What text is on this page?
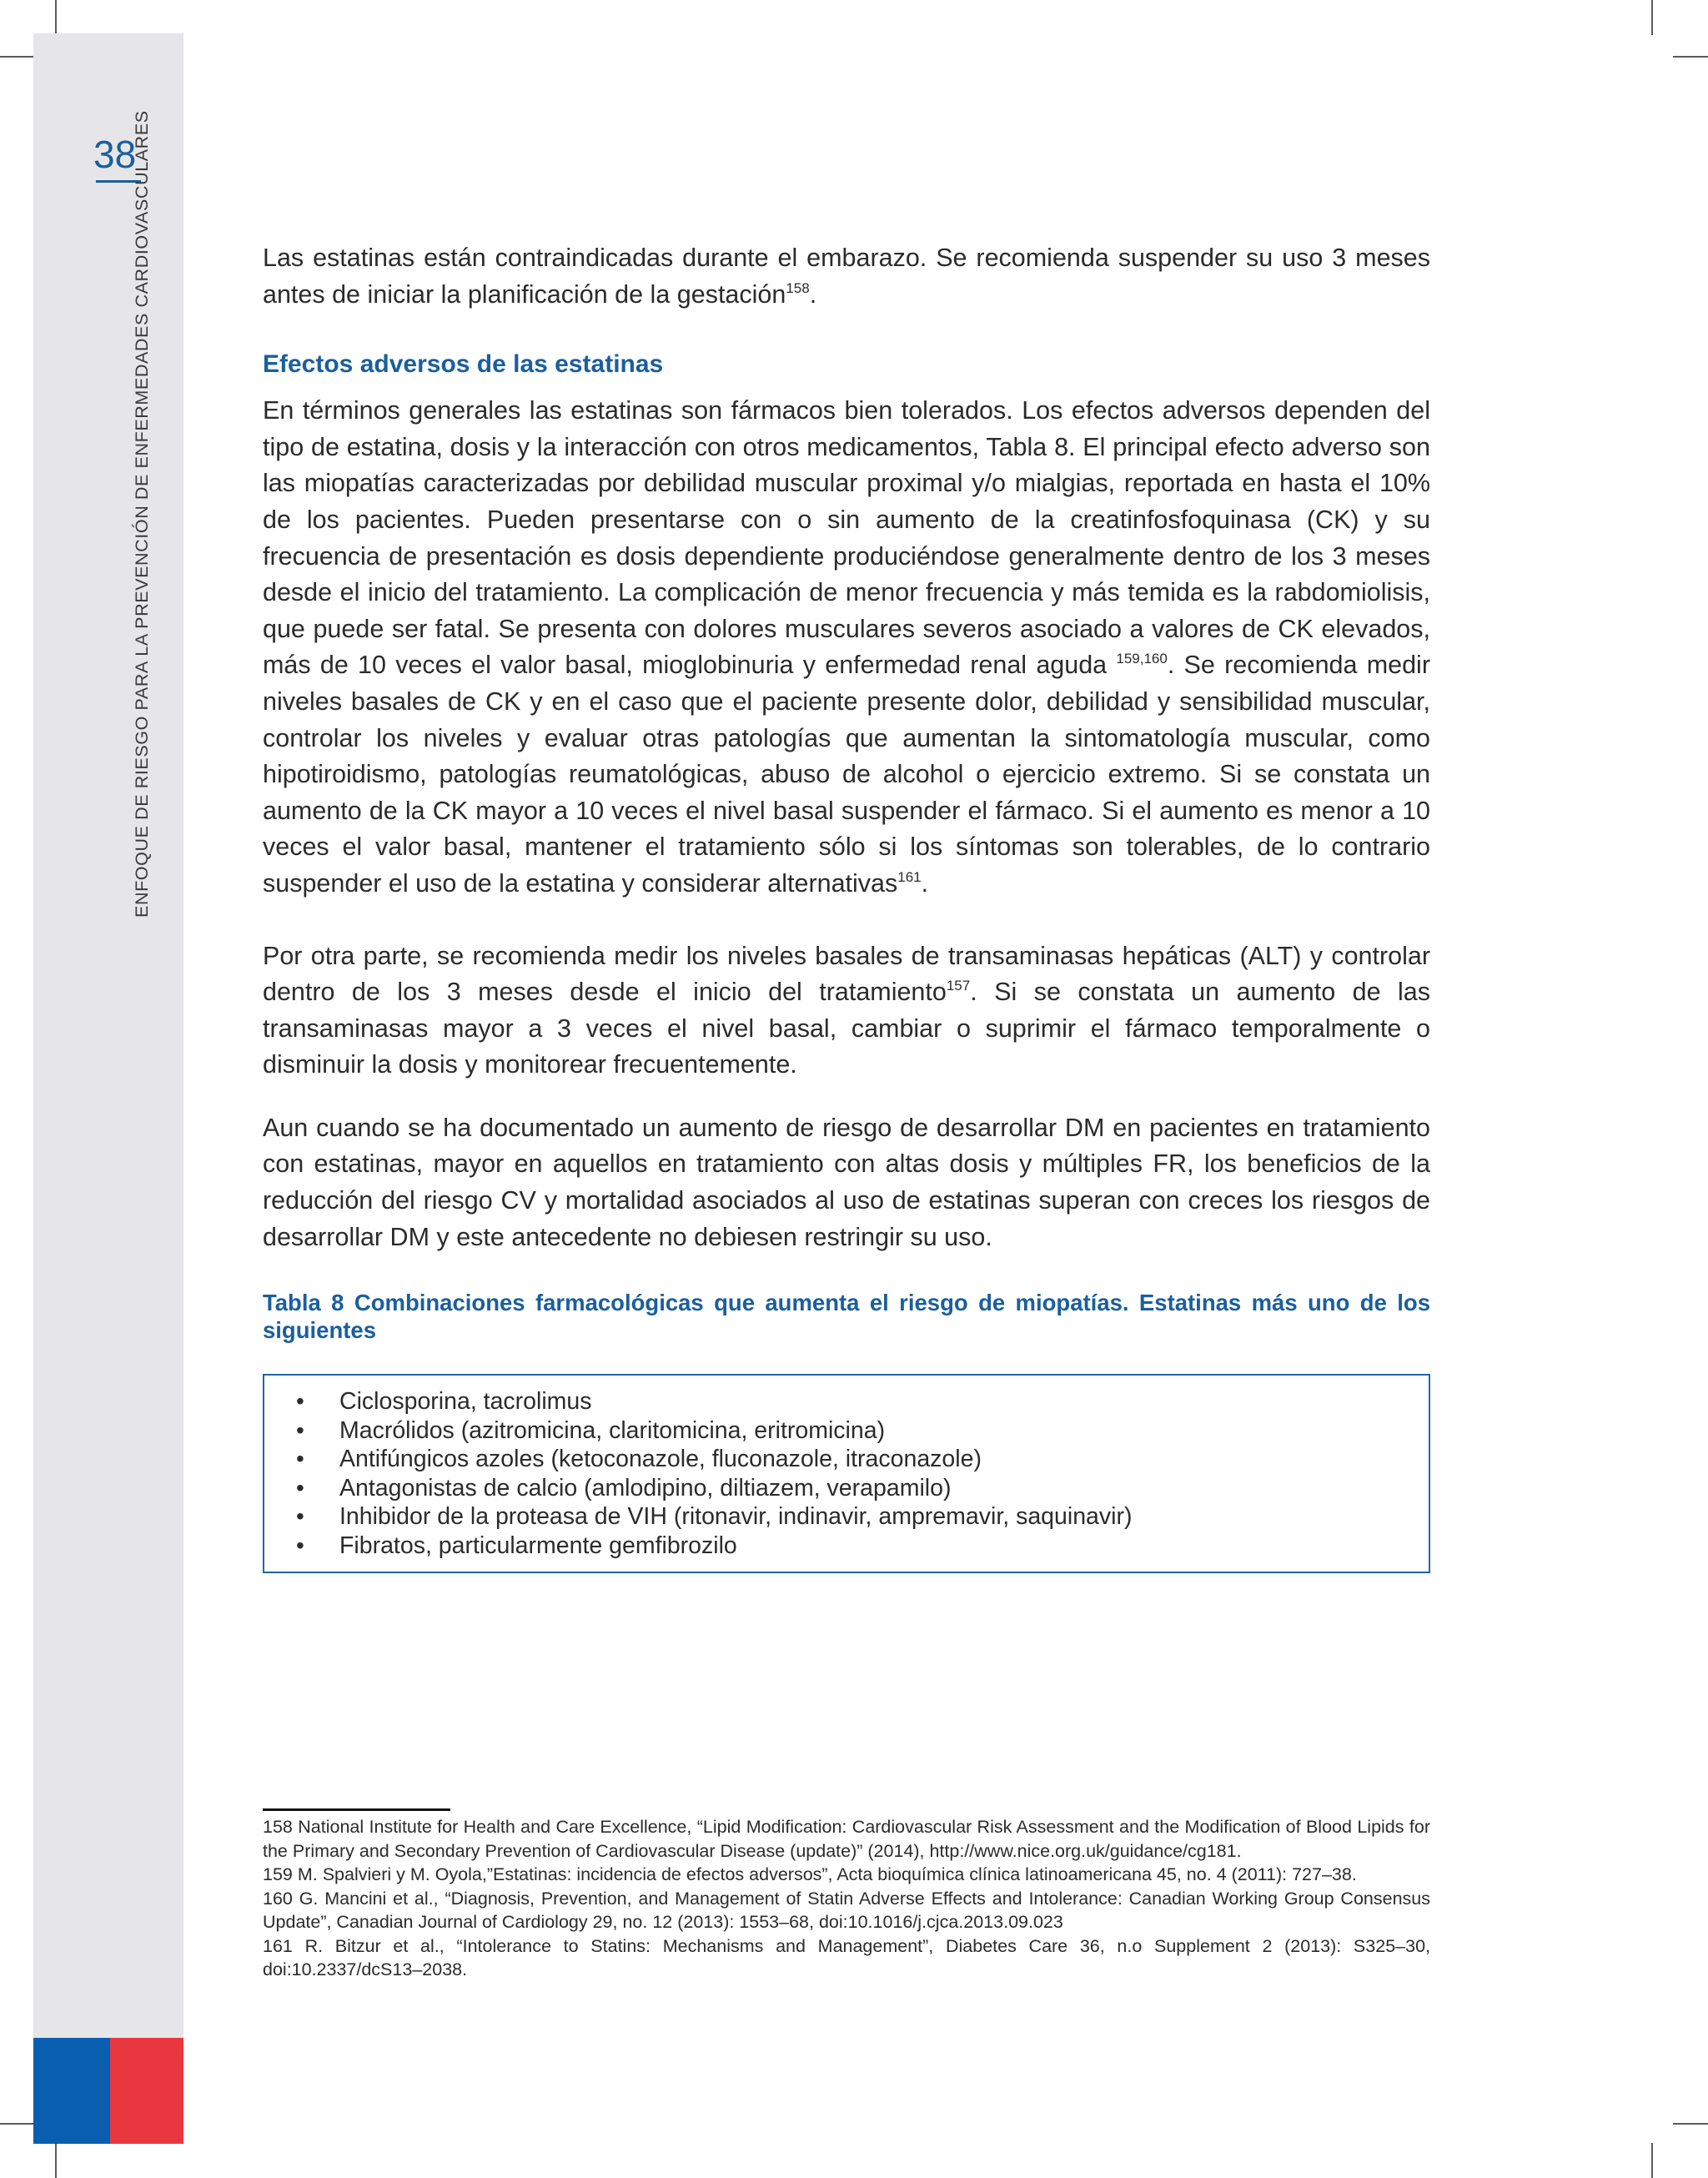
38
ENFOQUE DE RIESGO PARA LA PREVENCIÓN DE ENFERMEDADES CARDIOVASCULARES	Las estatinas están contraindicadas durante el embarazo. Se recomienda suspender su uso 3 meses antes de iniciar la planificación de la gestación$^{158}$.

Efectos adversos de las estatinas

En términos generales las estatinas son fármacos bien tolerados. Los efectos adversos dependen del tipo de estatina, dosis y la interacción con otros medicamentos, Tabla 8. El principal efecto adverso son las miopatías caracterizadas por debilidad muscular proximal y/o mialgias, reportada en hasta el 10% de los pacientes. Pueden presentarse con o sin aumento de la creatinfosfoquinasa (CK) y su frecuencia de presentación es dosis dependiente produciéndose generalmente dentro de los 3 meses desde el inicio del tratamiento. La complicación de menor frecuencia y más temida es la rabdomiolisis, que puede ser fatal. Se presenta con dolores musculares severos asociado a valores de CK elevados, más de 10 veces el valor basal, mioglobinuria y enfermedad renal aguda $^{159,160}$. Se recomienda medir niveles basales de CK y en el caso que el paciente presente dolor, debilidad y sensibilidad muscular, controlar los niveles y evaluar otras patologías que aumentan la sintomatología muscular, como hipotiroidismo, patologías reumatológicas, abuso de alcohol o ejercicio extremo. Si se constata un aumento de la CK mayor a 10 veces el nivel basal suspender el fármaco. Si el aumento es menor a 10 veces el valor basal, mantener el tratamiento sólo si los síntomas son tolerables, de lo contrario suspender el uso de la estatina y considerar alternativas$^{161}$.

Por otra parte, se recomienda medir los niveles basales de transaminasas hepáticas (ALT) y controlar dentro de los 3 meses desde el inicio del tratamiento$^{157}$. Si se constata un aumento de las transaminasas mayor a 3 veces el nivel basal, cambiar o suprimir el fármaco temporalmente o disminuir la dosis y monitorear frecuentemente.

Aun cuando se ha documentado un aumento de riesgo de desarrollar DM en pacientes en tratamiento con estatinas, mayor en aquellos en tratamiento con altas dosis y múltiples FR, los beneficios de la reducción del riesgo CV y mortalidad asociados al uso de estatinas superan con creces los riesgos de desarrollar DM y este antecedente no debiesen restringir su uso.

Tabla 8 Combinaciones farmacológicas que aumenta el riesgo de miopatías. Estatinas más uno de los siguientes

• Ciclosporina, tacrolimus
• Macrólidos (azitromicina, claritomicina, eritromicina)
• Antifúngicos azoles (ketoconazole, fluconazole, itraconazole)
• Antagonistas de calcio (amlodipino, diltiazem, verapamilo)
• Inhibidor de la proteasa de VIH (ritonavir, indinavir, ampremavir, saquinavir)
• Fibratos, particularmente gemfibrozilo

158 National Institute for Health and Care Excellence, “Lipid Modification: Cardiovascular Risk Assessment and the Modification of Blood Lipids for the Primary and Secondary Prevention of Cardiovascular Disease (update)” (2014), http://www.nice.org.uk/guidance/cg181.

159 M. Spalvieri y M. Oyola,”Estatinas: incidencia de efectos adversos”, Acta bioquímica clínica latinoamericana 45, no. 4 (2011): 727–38.

160 G. Mancini et al., “Diagnosis, Prevention, and Management of Statin Adverse Effects and Intolerance: Canadian Working Group Consensus Update”, Canadian Journal of Cardiology 29, no. 12 (2013): 1553–68, doi:10.1016/j.cjca.2013.09.023

161 R. Bitzur et al., “Intolerance to Statins: Mechanisms and Management”, Diabetes Care 36, n.o Supplement 2 (2013): S325–30, doi:10.2337/dcS13–2038.
